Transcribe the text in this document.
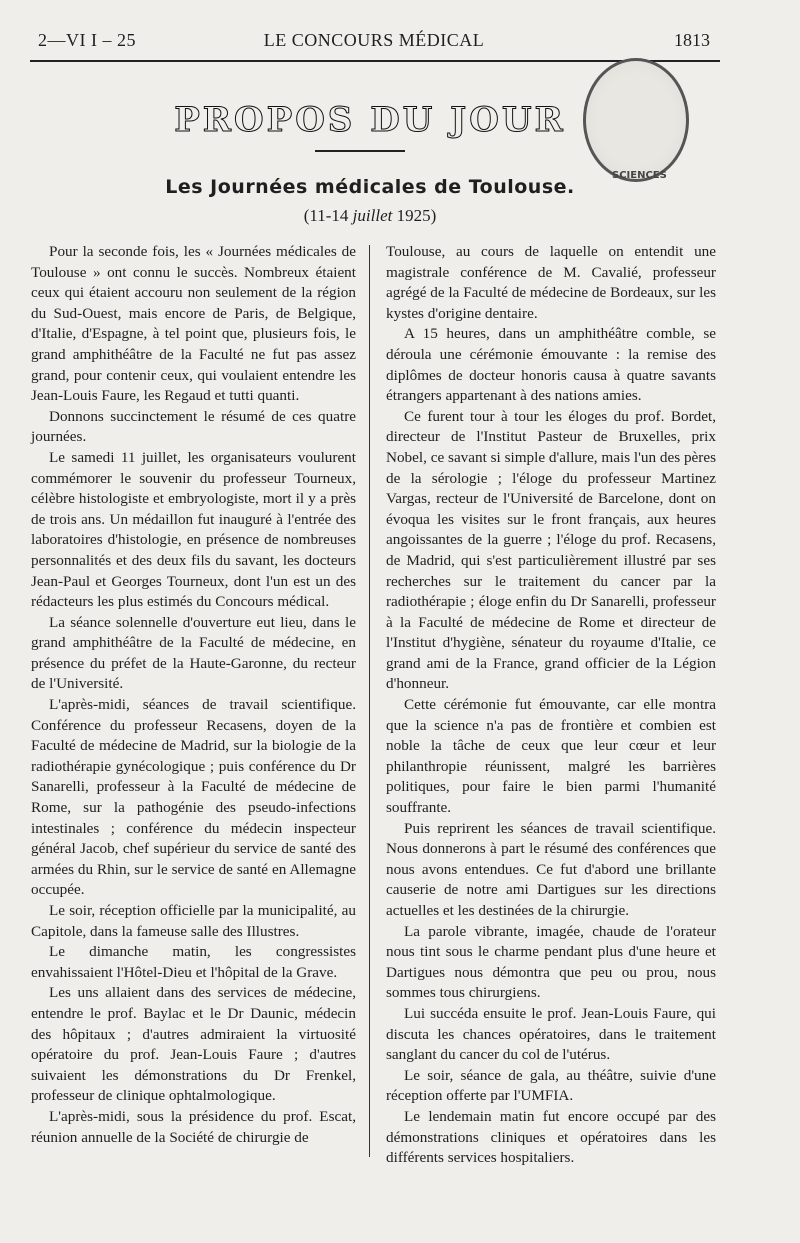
2—VI I – 25	LE CONCOURS MÉDICAL	1813
SCIENCES
PROPOS DU JOUR
Les Journées médicales de Toulouse.
(11-14 juillet 1925)

Pour la seconde fois, les « Journées médicales de Toulouse » ont connu le succès. Nombreux étaient ceux qui étaient accouru non seulement de la région du Sud-Ouest, mais encore de Paris, de Belgique, d'Italie, d'Espagne, à tel point que, plusieurs fois, le grand amphithéâtre de la Faculté ne fut pas assez grand, pour contenir ceux, qui voulaient entendre les Jean-Louis Faure, les Regaud et tutti quanti.

Donnons succinctement le résumé de ces quatre journées.

Le samedi 11 juillet, les organisateurs voulurent commémorer le souvenir du professeur Tourneux, célèbre histologiste et embryologiste, mort il y a près de trois ans. Un médaillon fut inauguré à l'entrée des laboratoires d'histologie, en présence de nombreuses personnalités et des deux fils du savant, les docteurs Jean-Paul et Georges Tourneux, dont l'un est un des rédacteurs les plus estimés du Concours médical.

La séance solennelle d'ouverture eut lieu, dans le grand amphithéâtre de la Faculté de médecine, en présence du préfet de la Haute-Garonne, du recteur de l'Université.

L'après-midi, séances de travail scientifique. Conférence du professeur Recasens, doyen de la Faculté de médecine de Madrid, sur la biologie de la radiothérapie gynécologique ; puis conférence du Dr Sanarelli, professeur à la Faculté de médecine de Rome, sur la pathogénie des pseudo-infections intestinales ; conférence du médecin inspecteur général Jacob, chef supérieur du service de santé des armées du Rhin, sur le service de santé en Allemagne occupée.

Le soir, réception officielle par la municipalité, au Capitole, dans la fameuse salle des Illustres.

Le dimanche matin, les congressistes envahissaient l'Hôtel-Dieu et l'hôpital de la Grave.

Les uns allaient dans des services de médecine, entendre le prof. Baylac et le Dr Daunic, médecin des hôpitaux ; d'autres admiraient la virtuosité opératoire du prof. Jean-Louis Faure ; d'autres suivaient les démonstrations du Dr Frenkel, professeur de clinique ophtalmologique.

L'après-midi, sous la présidence du prof. Escat, réunion annuelle de la Société de chirurgie de

Toulouse, au cours de laquelle on entendit une magistrale conférence de M. Cavalié, professeur agrégé de la Faculté de médecine de Bordeaux, sur les kystes d'origine dentaire.

A 15 heures, dans un amphithéâtre comble, se déroula une cérémonie émouvante : la remise des diplômes de docteur honoris causa à quatre savants étrangers appartenant à des nations amies.

Ce furent tour à tour les éloges du prof. Bordet, directeur de l'Institut Pasteur de Bruxelles, prix Nobel, ce savant si simple d'allure, mais l'un des pères de la sérologie ; l'éloge du professeur Martinez Vargas, recteur de l'Université de Barcelone, dont on évoqua les visites sur le front français, aux heures angoissantes de la guerre ; l'éloge du prof. Recasens, de Madrid, qui s'est particulièrement illustré par ses recherches sur le traitement du cancer par la radiothérapie ; éloge enfin du Dr Sanarelli, professeur à la Faculté de médecine de Rome et directeur de l'Institut d'hygiène, sénateur du royaume d'Italie, ce grand ami de la France, grand officier de la Légion d'honneur.

Cette cérémonie fut émouvante, car elle montra que la science n'a pas de frontière et combien est noble la tâche de ceux que leur cœur et leur philanthropie réunissent, malgré les barrières politiques, pour faire le bien parmi l'humanité souffrante.

Puis reprirent les séances de travail scientifique. Nous donnerons à part le résumé des conférences que nous avons entendues. Ce fut d'abord une brillante causerie de notre ami Dartigues sur les directions actuelles et les destinées de la chirurgie.

La parole vibrante, imagée, chaude de l'orateur nous tint sous le charme pendant plus d'une heure et Dartigues nous démontra que peu ou prou, nous sommes tous chirurgiens.

Lui succéda ensuite le prof. Jean-Louis Faure, qui discuta les chances opératoires, dans le traitement sanglant du cancer du col de l'utérus.

Le soir, séance de gala, au théâtre, suivie d'une réception offerte par l'UMFIA.

Le lendemain matin fut encore occupé par des démonstrations cliniques et opératoires dans les différents services hospitaliers.
